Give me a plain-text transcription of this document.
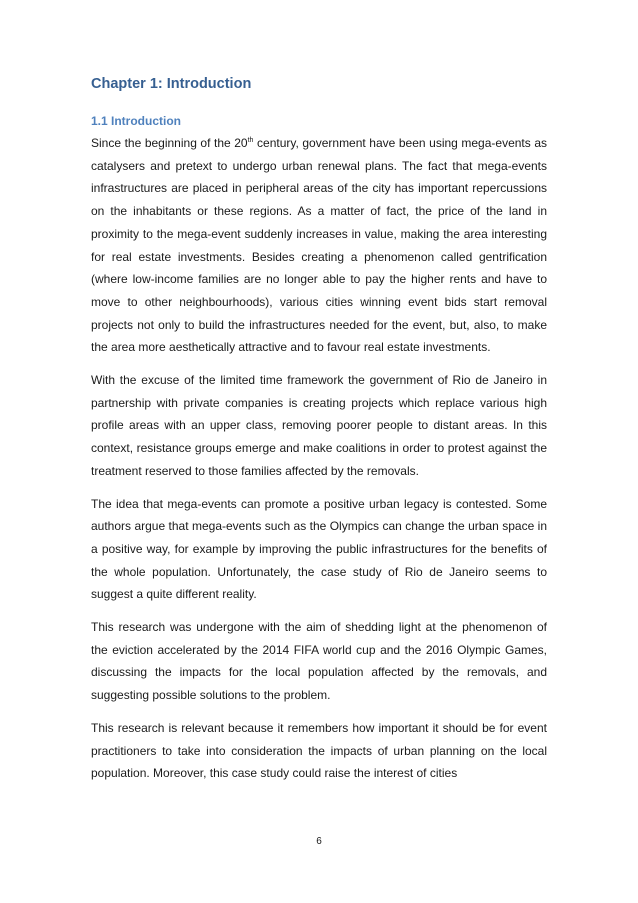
Chapter 1: Introduction
1.1 Introduction

Since the beginning of the 20th century, government have been using mega-events as catalysers and pretext to undergo urban renewal plans. The fact that mega-events infrastructures are placed in peripheral areas of the city has important repercussions on the inhabitants or these regions. As a matter of fact, the price of the land in proximity to the mega-event suddenly increases in value, making the area interesting for real estate investments. Besides creating a phenomenon called gentrification (where low-income families are no longer able to pay the higher rents and have to move to other neighbourhoods), various cities winning event bids start removal projects not only to build the infrastructures needed for the event, but, also, to make the area more aesthetically attractive and to favour real estate investments.

With the excuse of the limited time framework the government of Rio de Janeiro in partnership with private companies is creating projects which replace various high profile areas with an upper class, removing poorer people to distant areas. In this context, resistance groups emerge and make coalitions in order to protest against the treatment reserved to those families affected by the removals.

The idea that mega-events can promote a positive urban legacy is contested. Some authors argue that mega-events such as the Olympics can change the urban space in a positive way, for example by improving the public infrastructures for the benefits of the whole population. Unfortunately, the case study of Rio de Janeiro seems to suggest a quite different reality.

This research was undergone with the aim of shedding light at the phenomenon of the eviction accelerated by the 2014 FIFA world cup and the 2016 Olympic Games, discussing the impacts for the local population affected by the removals, and suggesting possible solutions to the problem.

This research is relevant because it remembers how important it should be for event practitioners to take into consideration the impacts of urban planning on the local population. Moreover, this case study could raise the interest of cities

6
